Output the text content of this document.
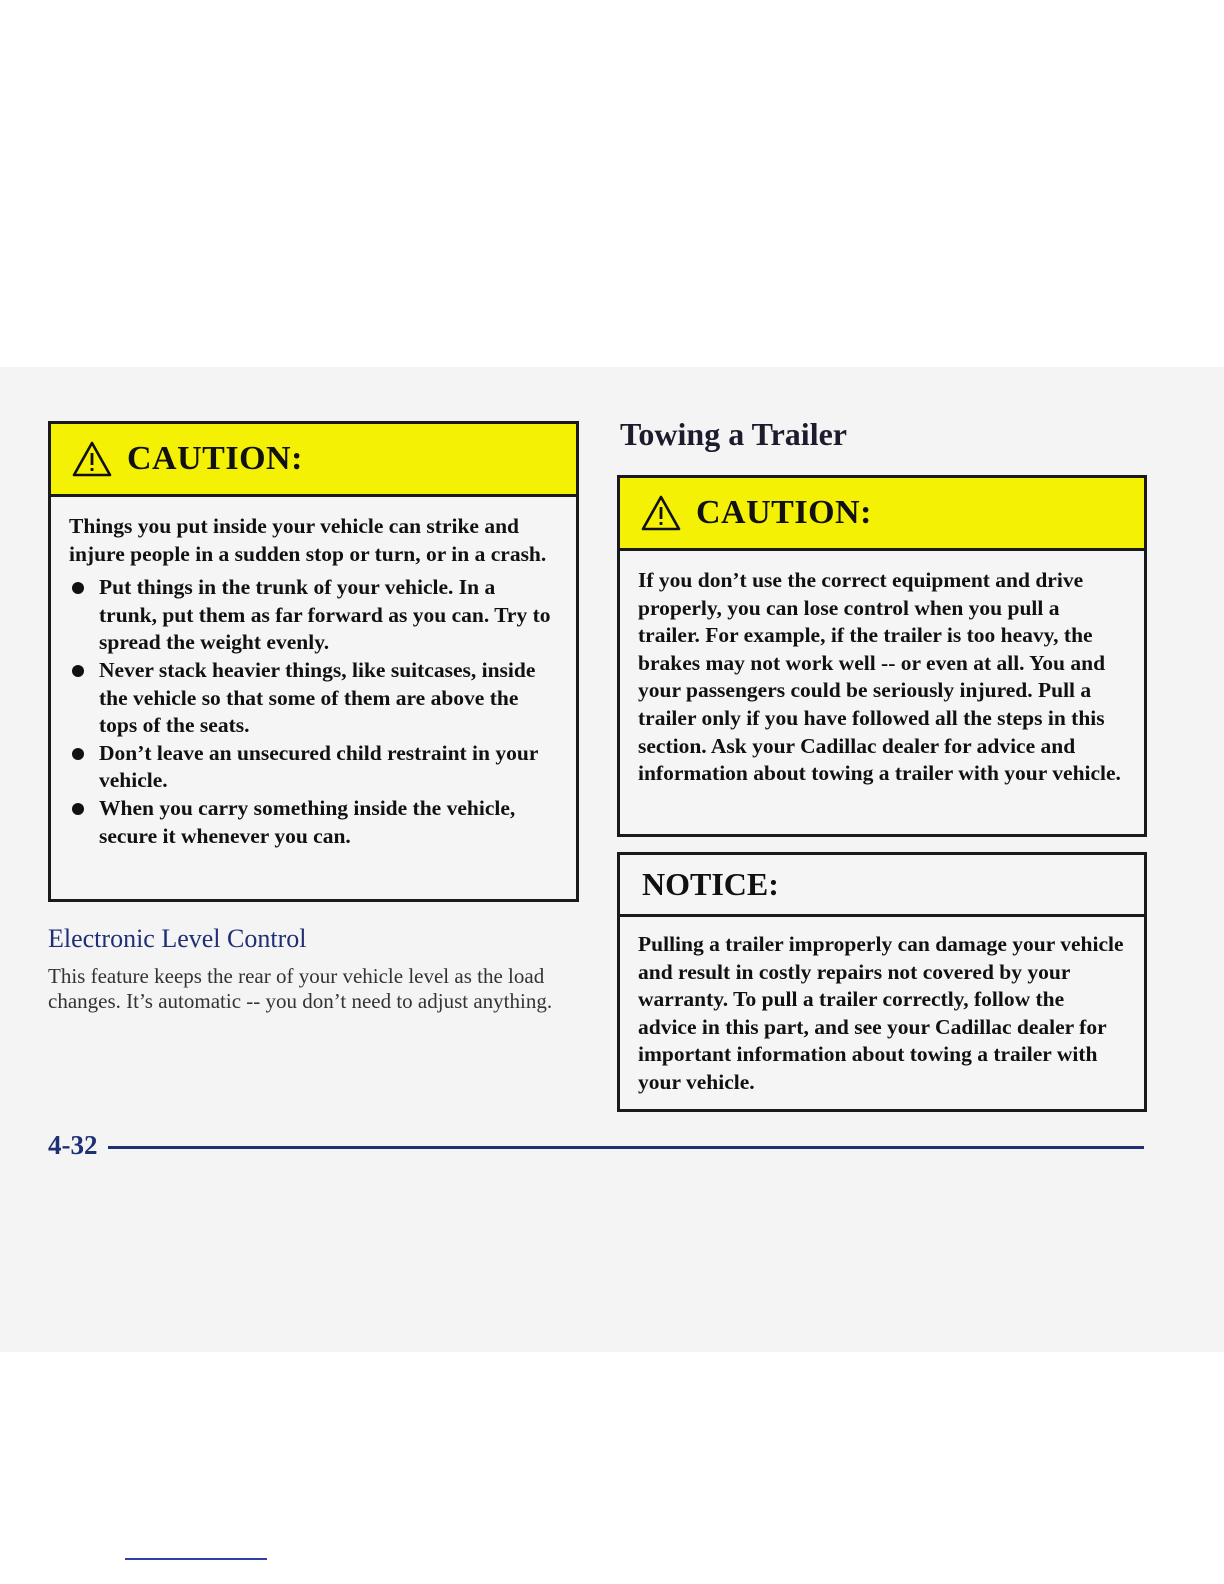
CAUTION:

Things you put inside your vehicle can strike and injure people in a sudden stop or turn, or in a crash.

Put things in the trunk of your vehicle. In a trunk, put them as far forward as you can. Try to spread the weight evenly.
Never stack heavier things, like suitcases, inside the vehicle so that some of them are above the tops of the seats.
Don’t leave an unsecured child restraint in your vehicle.
When you carry something inside the vehicle, secure it whenever you can.
Electronic Level Control
This feature keeps the rear of your vehicle level as the load changes. It’s automatic -- you don’t need to adjust anything.
Towing a Trailer
CAUTION:

If you don’t use the correct equipment and drive properly, you can lose control when you pull a trailer. For example, if the trailer is too heavy, the brakes may not work well -- or even at all. You and your passengers could be seriously injured. Pull a trailer only if you have followed all the steps in this section. Ask your Cadillac dealer for advice and information about towing a trailer with your vehicle.

NOTICE:

Pulling a trailer improperly can damage your vehicle and result in costly repairs not covered by your warranty. To pull a trailer correctly, follow the advice in this part, and see your Cadillac dealer for important information about towing a trailer with your vehicle.

4-32
